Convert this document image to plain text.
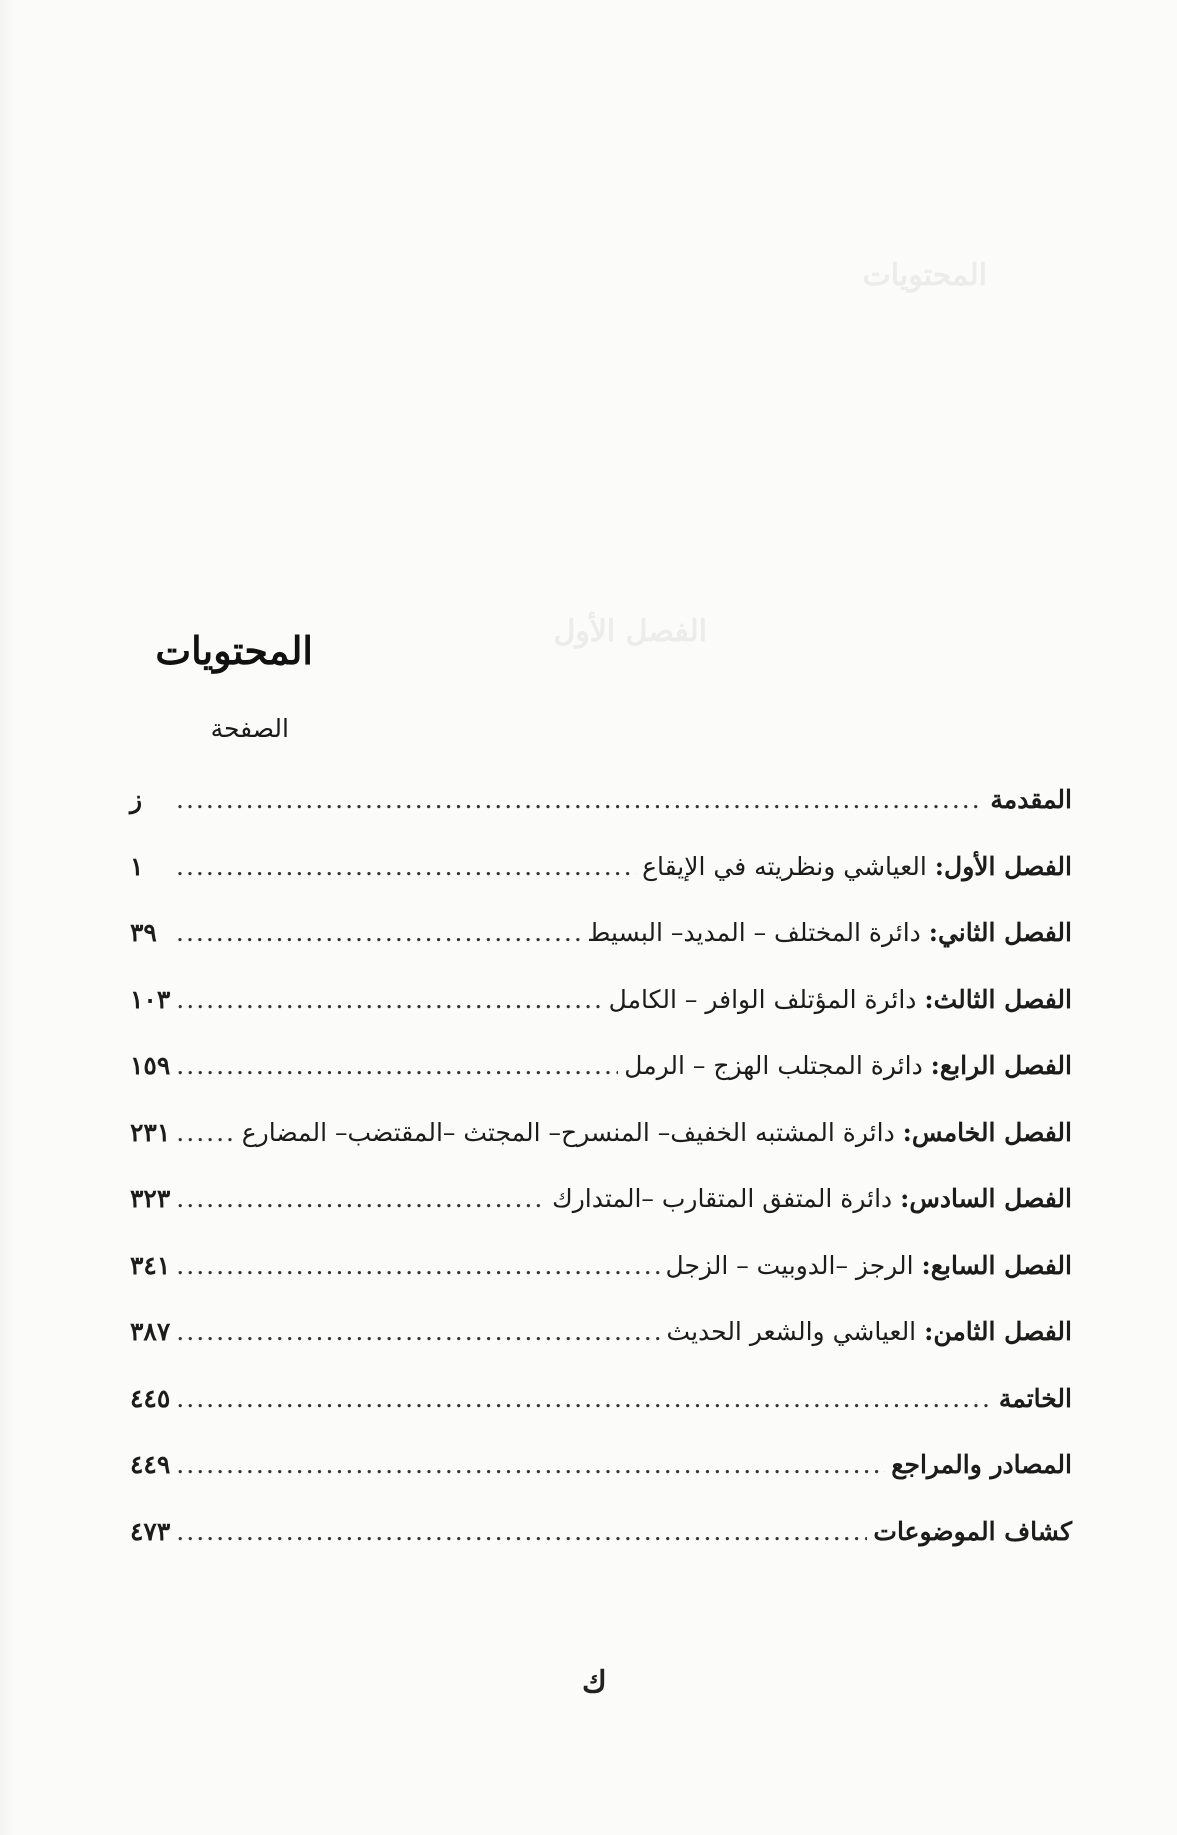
المحتويات
الفصل الأول
المحتويات
الصفحة
المقدمة
.....
ز
الفصل الأول: العياشي ونظريته في الإيقاع
.....
١
الفصل الثاني: دائرة المختلف – المديد– البسيط
.....
٣٩
الفصل الثالث: دائرة المؤتلف الوافر – الكامل
.....
١٠٣
الفصل الرابع: دائرة المجتلب الهزج – الرمل
.....
١٥٩
الفصل الخامس: دائرة المشتبه الخفيف– المنسرح– المجتث –المقتضب– المضارع
.....
٢٣١
الفصل السادس: دائرة المتفق المتقارب –المتدارك
.....
٣٢٣
الفصل السابع: الرجز –الدوبيت – الزجل
.....
٣٤١
الفصل الثامن: العياشي والشعر الحديث
.....
٣٨٧
الخاتمة
.....
٤٤٥
المصادر والمراجع
.....
٤٤٩
كشاف الموضوعات
.....
٤٧٣
ك
